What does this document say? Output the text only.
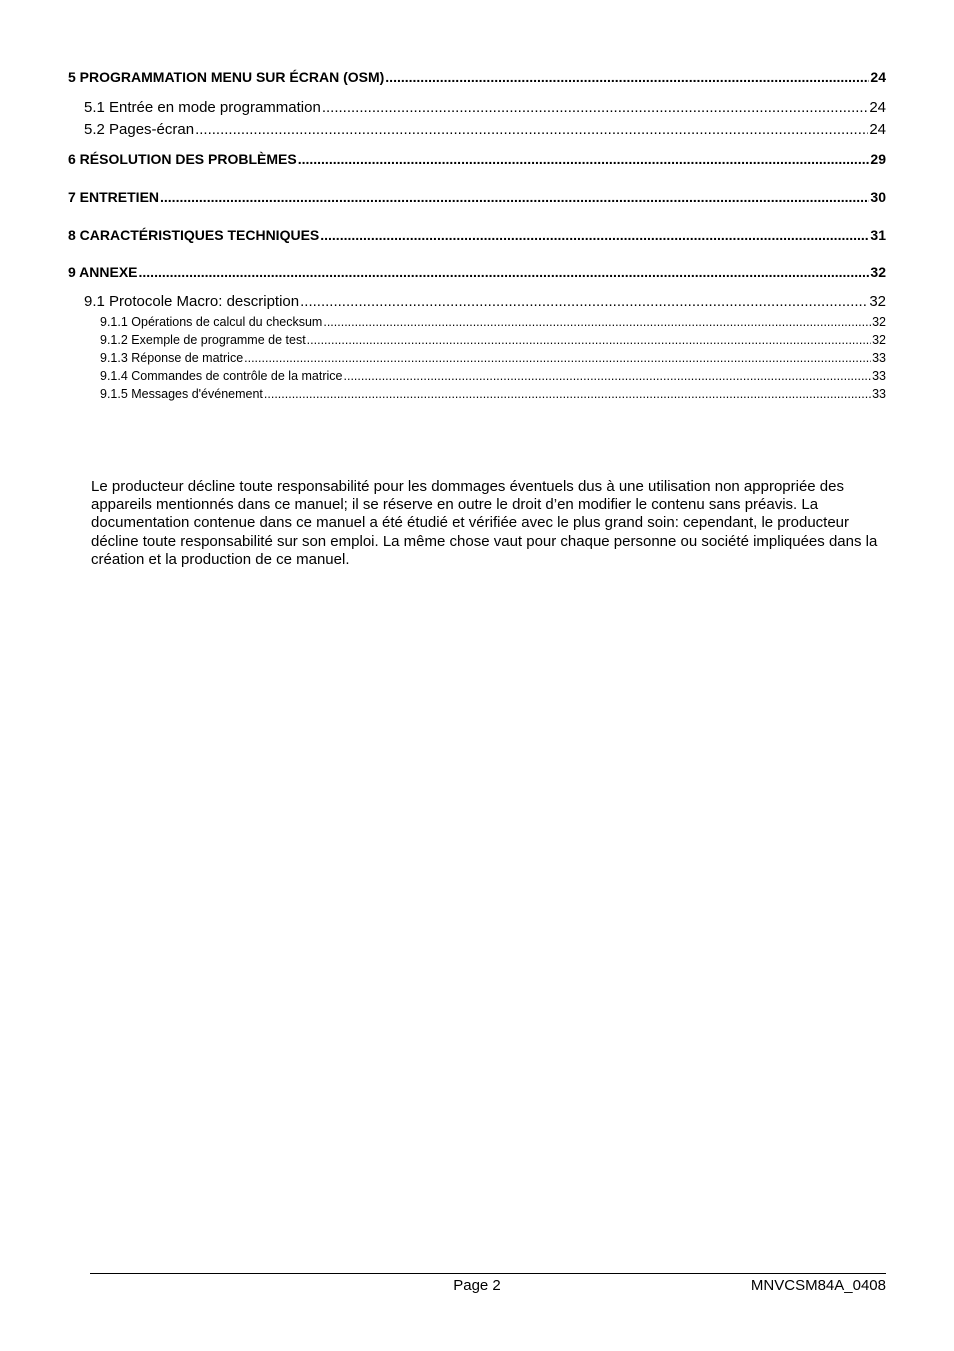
5 PROGRAMMATION MENU SUR ÉCRAN (OSM) .....	24
5.1 Entrée en mode programmation .....	24
5.2 Pages-écran .....	24
6 RÉSOLUTION DES PROBLÈMES .....	29
7 ENTRETIEN .....	30
8 CARACTÉRISTIQUES TECHNIQUES .....	31
9 ANNEXE .....	32
9.1 Protocole Macro: description .....	32
9.1.1 Opérations de calcul du checksum .....	32
9.1.2 Exemple de programme de test .....	32
9.1.3 Réponse de matrice .....	33
9.1.4 Commandes de contrôle de la matrice .....	33
9.1.5 Messages d'événement .....	33

Le producteur décline toute responsabilité pour les dommages éventuels dus à une utilisation non appropriée des appareils mentionnés dans ce manuel; il se réserve en outre le droit d’en modifier le contenu sans préavis. La documentation contenue dans ce manuel a été étudié et vérifiée avec le plus grand soin: cependant, le producteur décline toute responsabilité sur son emploi. La même chose vaut pour chaque personne ou société impliquées dans la création et la production de ce manuel.

Page 2	MNVCSM84A_0408
